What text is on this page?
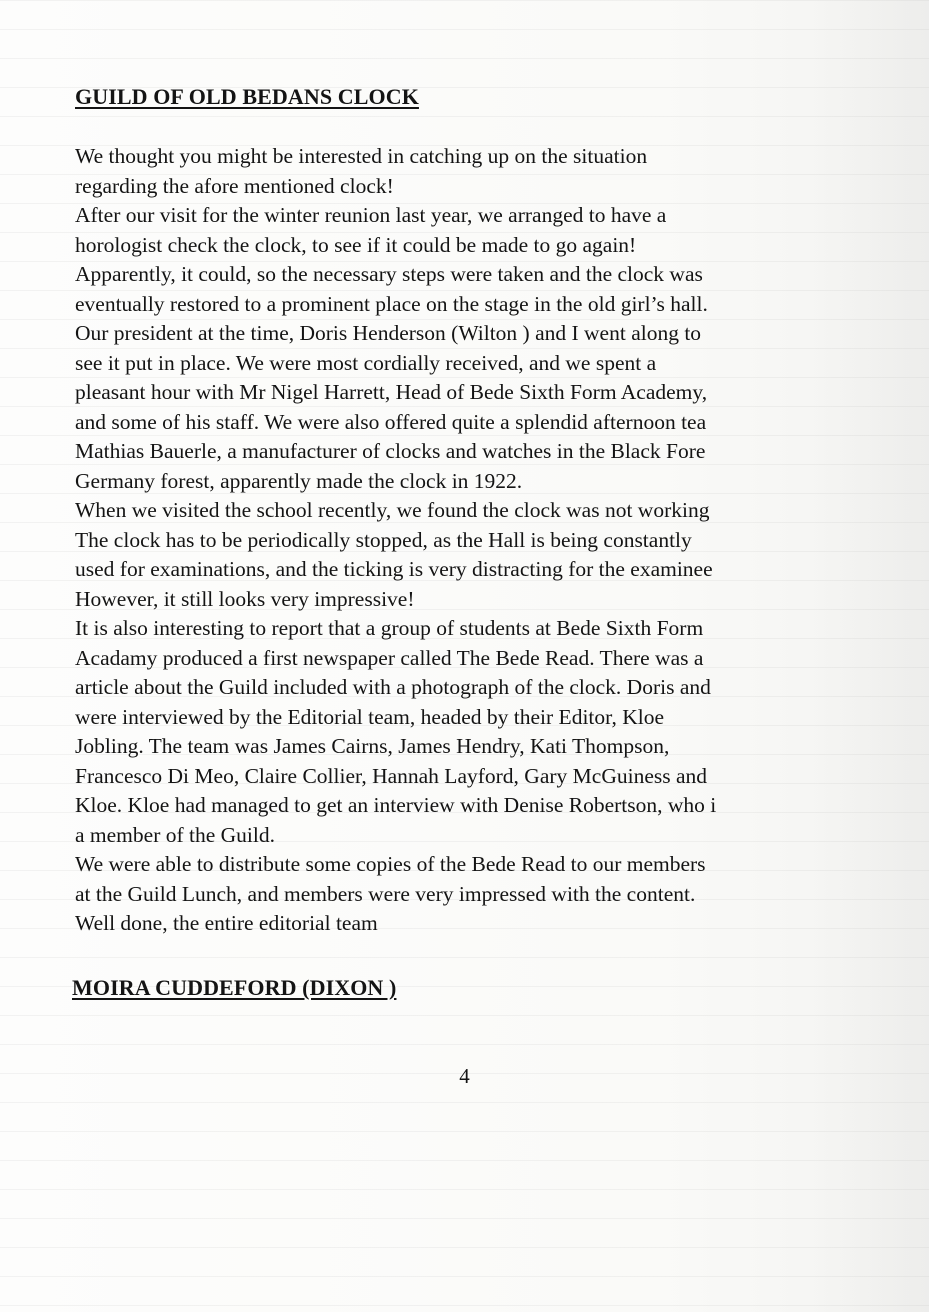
GUILD OF OLD BEDANS CLOCK
We thought you might be interested in catching up on the situation
regarding the afore mentioned clock!
After our visit for the winter reunion last year, we arranged to have a
horologist check the clock, to see if it could be made to go again!
Apparently, it could, so the necessary steps were taken and the clock was
eventually restored to a prominent place on the stage in the old girl’s hall.
Our president at the time, Doris Henderson (Wilton ) and I went along to
see it put in place. We were most cordially received, and we spent a
pleasant hour with Mr Nigel Harrett, Head of Bede Sixth Form Academy,
and some of his staff. We were also offered quite a splendid afternoon tea
Mathias Bauerle, a manufacturer of clocks and watches in the Black Fore
Germany forest, apparently made the clock in 1922.
When we visited the school recently, we found the clock was not working
The clock has to be periodically stopped, as the Hall is being constantly
used for examinations, and the ticking is very distracting for the examinee
However, it still looks very impressive!
It is also interesting to report that a group of students at Bede Sixth Form
Acadamy produced a first newspaper called The Bede Read. There was a
article about the Guild included with a photograph of the clock. Doris and
were interviewed by the Editorial team, headed by their Editor, Kloe
Jobling. The team was James Cairns, James Hendry, Kati Thompson,
Francesco Di Meo, Claire Collier, Hannah Layford, Gary McGuiness and
Kloe. Kloe had managed to get an interview with Denise Robertson, who i
a member of the Guild.
We were able to distribute some copies of the Bede Read to our members
at the Guild Lunch, and members were very impressed with the content.
Well done, the entire editorial team
MOIRA CUDDEFORD (DIXON )
4
